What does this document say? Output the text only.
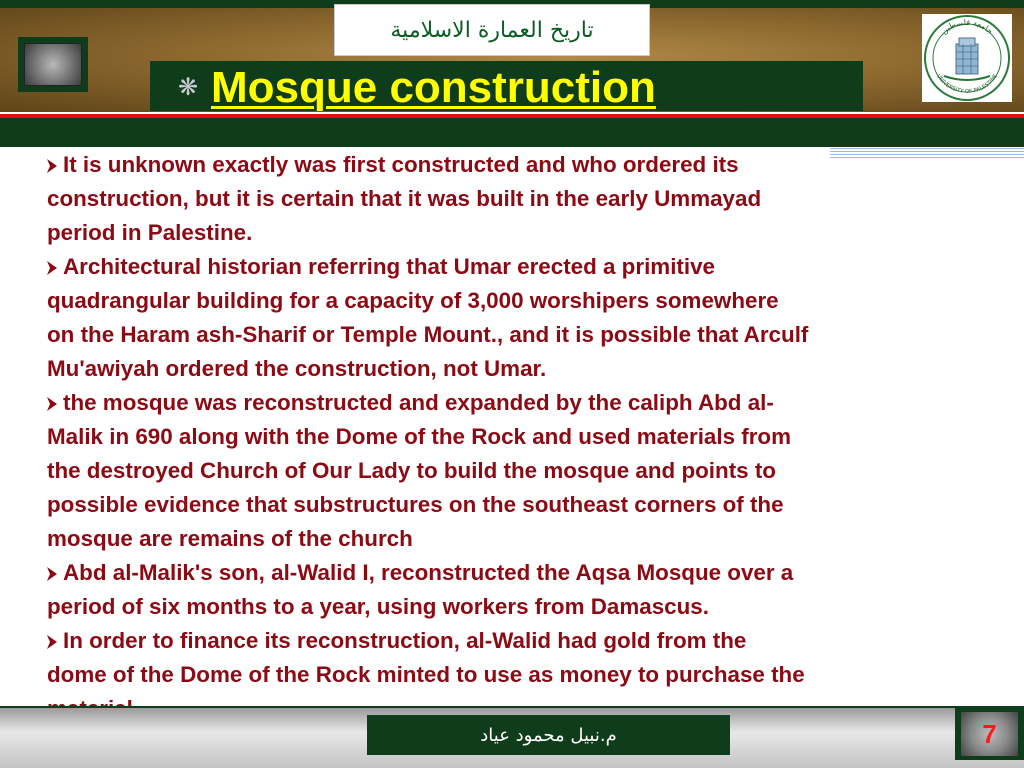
تاريخ العمارة الاسلامية
❋ Mosque construction
جامعة فلسطين
UNIVERSITY OF PALESTINE

It is unknown exactly was first constructed and who ordered its
construction, but it is certain that it was built in the early Ummayad
period in Palestine.

Architectural historian referring that Umar erected a primitive
quadrangular building for a capacity of 3,000 worshipers somewhere
on the Haram ash-Sharif or Temple Mount., and it is possible that Arculf
Mu'awiyah ordered the construction, not Umar.

the mosque was reconstructed and expanded by the caliph Abd al-
Malik in 690 along with the Dome of the Rock and used materials from
the destroyed Church of Our Lady to build the mosque and points to
possible evidence that substructures on the southeast corners of the
mosque are remains of the church

Abd al-Malik's son, al-Walid I, reconstructed the Aqsa Mosque over a
period of six months to a year, using workers from Damascus.

In order to finance its reconstruction, al-Walid had gold from the
dome of the Dome of the Rock minted to use as money to purchase the

م.نبيل محمود عياد	7
